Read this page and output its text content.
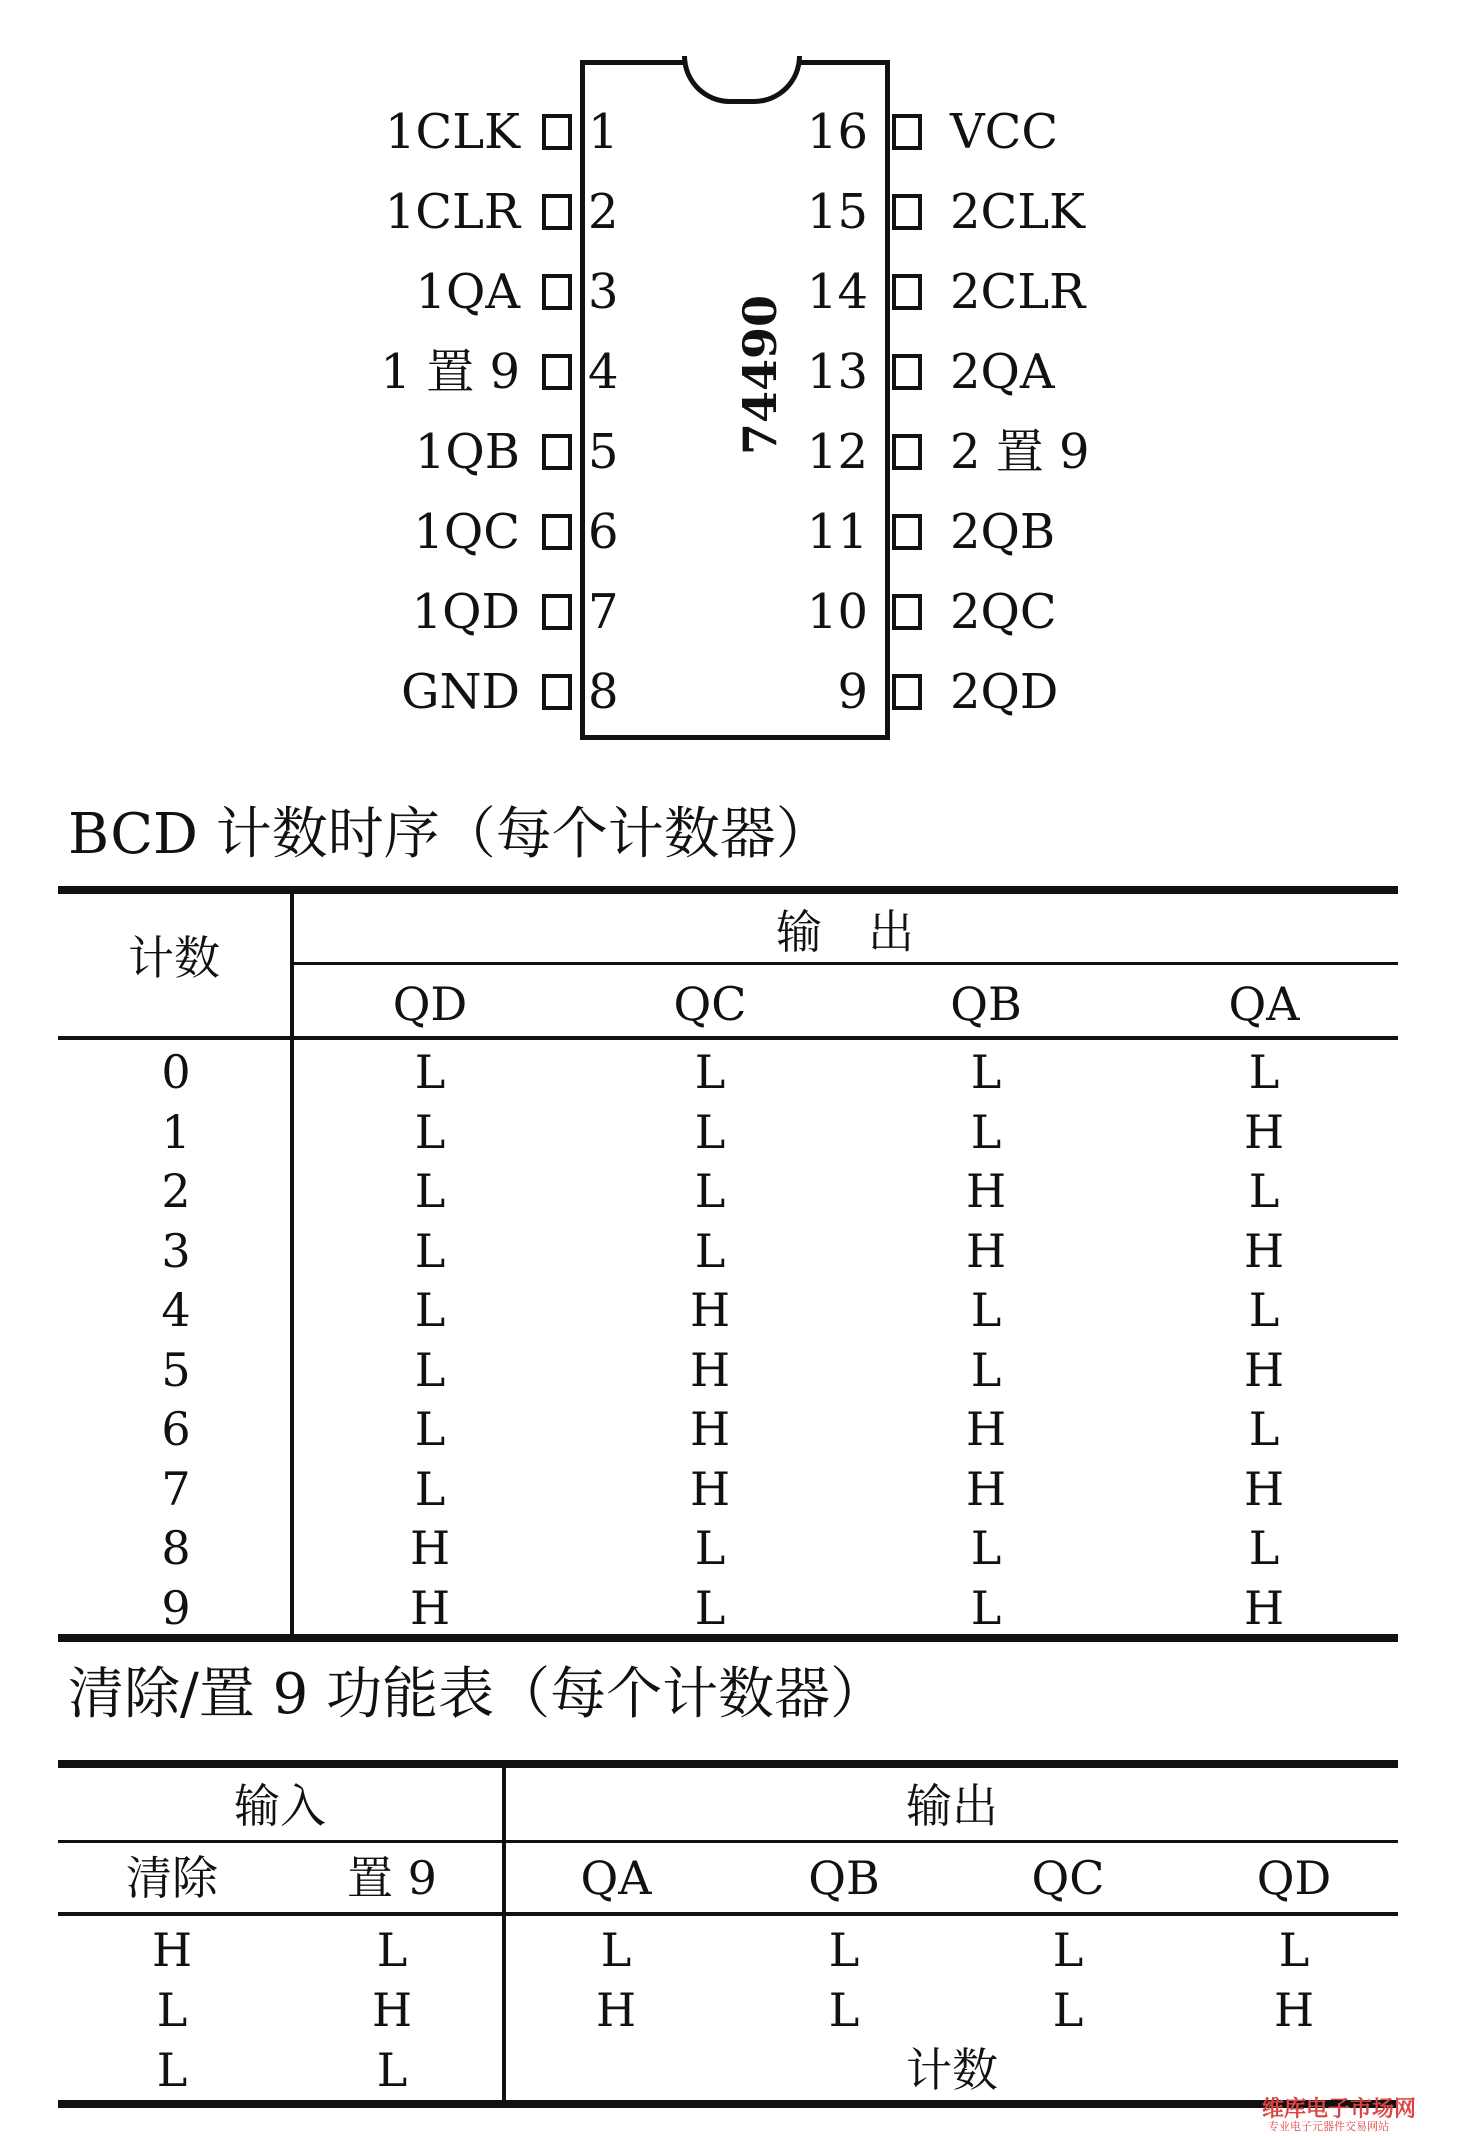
74490
1
1CLK
2
1CLR
3
1QA
4
1 置 9
5
1QB
6
1QC
7
1QD
8
GND
16 VCC
15 2CLK
14 2CLR
13 2QA
12 2 置 9
11 2QB
10 2QC
9 2QD
BCD 计数时序（每个计数器）
计数	输　出
QD	QC	QB	QA
0	L	L	L	L
1	L	L	L	H
2	L	L	H	L
3	L	L	H	H
4	L	H	L	L
5	L	H	L	H
6	L	H	H	L
7	L	H	H	H
8	H	L	L	L
9	H	L	L	H
清除/置 9 功能表（每个计数器）
输入	输出
清除	置 9	QA	QB	QC	QD
H	L	L	L	L	L
L	H	H	L	L	H
L	L	计数
维库电子市场网
专业电子元器件交易网站
